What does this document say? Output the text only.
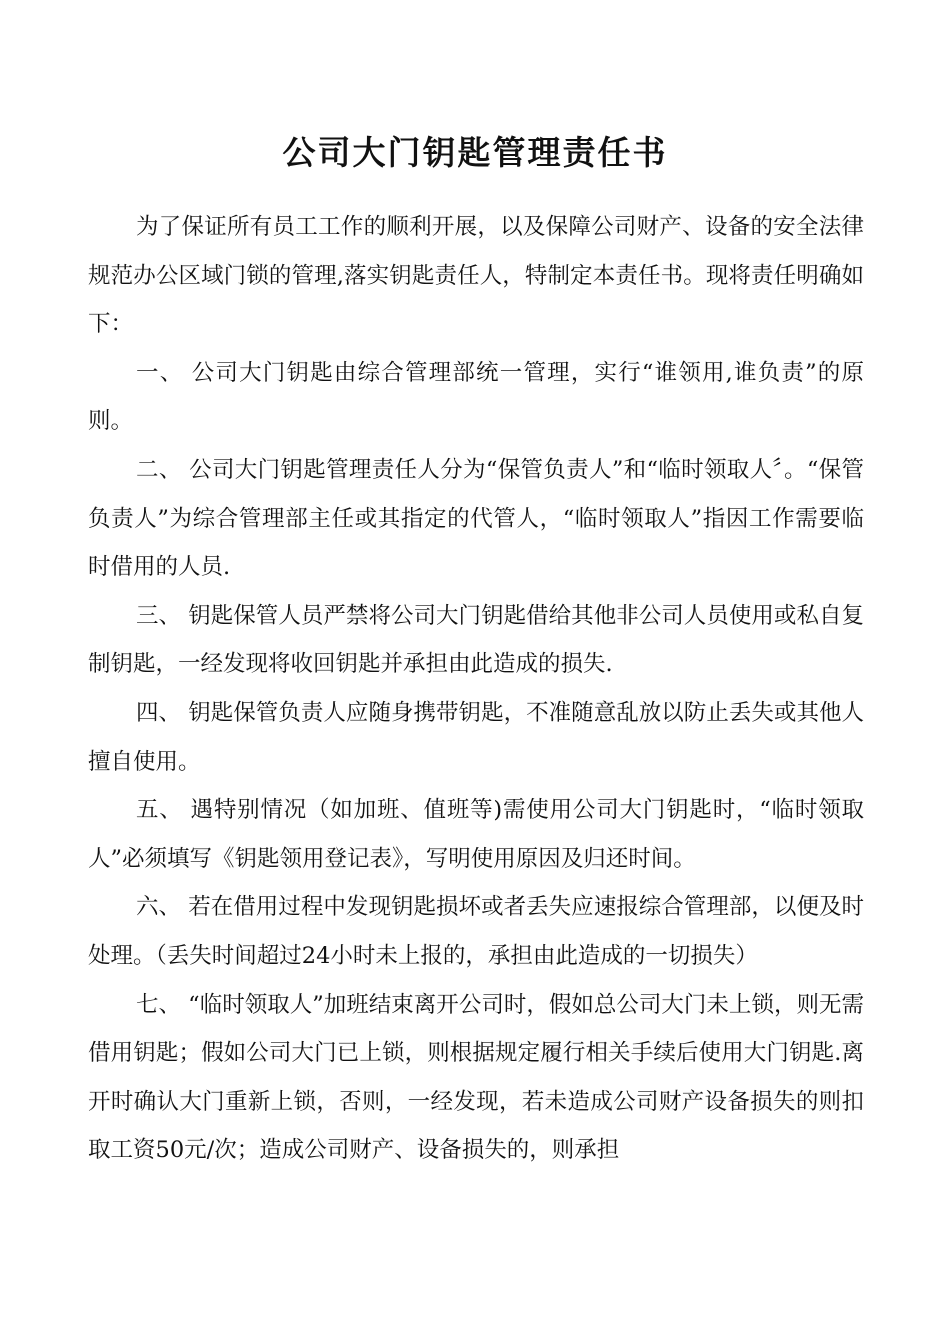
公司大门钥匙管理责任书

为了保证所有员工工作的顺利开展，以及保障公司财产、设备的安全法律规范办公区域门锁的管理,落实钥匙责任人，特制定本责任书。现将责任明确如下：

一、 公司大门钥匙由综合管理部统一管理，实行“谁领用,谁负责”的原则。

二、 公司大门钥匙管理责任人分为“保管负责人”和“临时领取人〞。“保管负责人”为综合管理部主任或其指定的代管人，“临时领取人”指因工作需要临时借用的人员.

三、 钥匙保管人员严禁将公司大门钥匙借给其他非公司人员使用或私自复制钥匙，一经发现将收回钥匙并承担由此造成的损失.

四、 钥匙保管负责人应随身携带钥匙，不准随意乱放以防止丢失或其他人擅自使用。

五、 遇特别情况（如加班、值班等)需使用公司大门钥匙时，“临时领取人”必须填写《钥匙领用登记表》，写明使用原因及归还时间。

六、 若在借用过程中发现钥匙损坏或者丢失应速报综合管理部，以便及时处理。（丢失时间超过24小时未上报的，承担由此造成的一切损失）

七、 “临时领取人”加班结束离开公司时，假如总公司大门未上锁，则无需借用钥匙；假如公司大门已上锁，则根据规定履行相关手续后使用大门钥匙.离开时确认大门重新上锁，否则，一经发现，若未造成公司财产设备损失的则扣取工资50元/次；造成公司财产、设备损失的，则承担
